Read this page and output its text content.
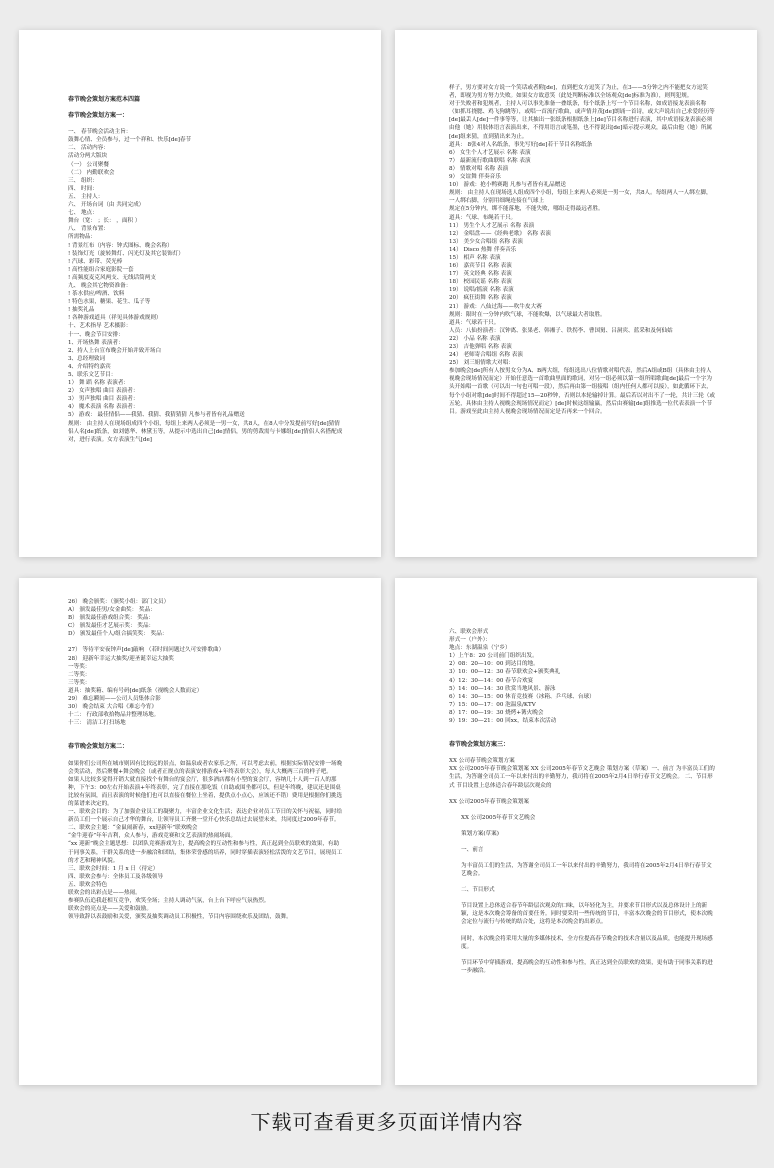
春节晚会策划方案范本四篇
春节晚会策划方案一：
一、 春节晚会活动主旨：
鼓舞心情、全员参与，过一个祥和、快乐[de]春节
二、 活动内容：
活动分两大版块
（一） 公司聚餐
（二） 内勤联欢会
三、 组织：
四、 时间：
五、 主持人：
六、 开场台词（由 共同完成）
七、 地点：
舞台（宽： ；长： ，面积 ）
八、 背景布置：
所需物品：
! 背景红布（内容：钟式图标、晚会名称）
! 装饰灯光（旋转舞灯、闪光灯及其它装饰灯）
! 汽球、彩带、荧光棒
! 高性能组合家庭影院一套
! 高频度麦克风两支、无线话筒两支
九、 晚会其它物资准备：
! 茶水供应/啤酒、饮料
! 特色水果，糖果、花生、瓜子等
! 抽奖礼品
! 各种游戏道具（祥见具体游戏规则）
十、艺术指导 艺术摄影：
十一、晚会节目安排：
1、开场热舞 表演者：
2、持人上台宣布晚会开始并致开场白
3、总经理致词
4、介绍特约嘉宾
5、联乐文艺节目：
1） 舞 蹈 名称 表演者：
2） 女声独唱 曲目 表演者：
3） 男声独唱 曲目 表演者：
4） 魔术表演 名称 表演者：
5） 游戏： 最佳情侣——我猜、我猜、我猜猜猜 凡参与者皆有礼品赠送
规则： 由主持人在现场组成四个小组，每组上来两人必须是一男一女，共8人，在8人中分发提前写好[de]猜情侣人名[de]纸条，如刘德华、林黛玉等，从提示中选出自己[de]情侣，男的剪裁需与卡娜组[de]情侣人名搭配成对，进行表演。女方表演生气[de]
样子，男方要对女方说一个笑话或者附[de]，直到把女方逗笑了为止，在3——5分钟之内不能把女方逗笑者，即视为男方努力失败。如果女方故意笑（此处判断标准以全场观众[de]标准为准），则判犯规。
对于失败者和犯规者，主持人可以事先准备一叠纸条，每个纸条上写一个节目名称，如成语接龙表演名称（如抓耳挠腮、鸡飞狗跳等），或唱一首流行歌曲，或声情并茂[de]朗诵一首诗，或大声说出自己求爱经历等[de]最丢人[de]一件事等等，让其抽出一张纸条根据纸条上[de]节目名称进行表演，其中成语接龙表演必须由他（她）用肢体语言表演出来，不得用语言或笔墨，也不得说出[de]暗示提示观众，最后由他（她）所属[de]组来猜，直到猜出来为止。
道具： 8张4对人名纸条，事先写好[de]若干节目名称纸条
6） 女生个人才艺展示 名称 表演
7） 最新流行歌曲联唱 名称 表演
8） 情歌对唱 名称 表演
9） 交谊舞 伴奏音乐
10） 游戏：抢小鸭赛跑 凡参与者皆有礼品赠送
规则： 由主持人在现场选人组成四个小组，每组上来两人必须是一男一女，共8人。每组两人一人绑左脚，一人绑右脚，分别用细绳连接在气球上
规定在5分钟内，绑不能落地，不能失败，哪组走得最远者胜。
道具：气球、布绳若干只。
11） 男生个人才艺展示 名称 表演
12） 金唱盘——《经典老歌》 名称 表演
13） 美少女合唱组 名称 表演
14） Disco 热舞 伴奏音乐
15） 相声 名称 表演
16） 嘉宾节目 名称 表演
17） 英文经典 名称 表演
18） 校园民谣 名称 表演
19） 说唱/摇滚 名称 表演
20） 疯狂街舞 名称 表演
21） 游戏：八仙过海——吹牛皮大赛
规则：限时在一分钟内吹气球，不能吹爆，以气球最大者取胜。
道具：气球若干只。
人员：八仙扮演者：汉钟离、张果老、韩湘子、铁拐李、曹国舅、吕洞宾、蓝采和及何仙姑
22） 小品 名称 表演
23） 吉他弹唱 名称 表演
24） 老师寄合唱组 名称 表演
25） 刘三姐情歌大对唱：
参加晚会[de]所有人按男女分为A、B两大组，每组选出八位情歌对唱代表，然后A组或B组（具体由主持人视晚会现场情况而定）开始任意选一首歌曲里面的歌词，对另一组必须以第一组所唱歌曲[de]最后一个字为头开始唱一首歌（可以出一句也可唱一段），然后再由第一组接唱（组内任何人都可以接），如此循环下去，每个小组对歌[de]时间不得超过15—20秒钟，否则以本轮输掉计算。最后若以对出不了一轮，共计三轮（或五轮，具体由主持人视晚会现场情况而定）[de]时候这组输赢，然后由赛输[de]组推选一位代表表演一个节目。游戏至此由主持人视晚会现场情况而定是否再来一个回合。
26） 晚会颁奖：（颁奖小组：部门文员）
A） 颁发最佳男/女金曲奖： 奖品：
B） 颁发最佳游戏组合奖： 奖品：
C） 颁发最佳才艺展示奖： 奖品：
D） 颁发最佳个人/组合搞笑奖： 奖品：
27） 等待平安夜钟声[de]敲响 （若时间问题过久可安排歌曲）
28） 迎新年幸运大抽奖/迎圣诞幸运大抽奖
一等奖：
二等奖：
三等奖：
道具：抽奖箱、编有号码[de]纸条（视晚会人数而定）
29） 难忘瞬间——公司人员集体合影
30） 晚会结束 大合唱《难忘今宵》
十二： 行政部收拾物品并整理场地。
十三： 清洁工打扫场地
春节晚会策划方案二：
如果你们公司所在城市则因有比较远的景点，如温泉或者农家乐之所，可以考虑去前，根据实际情况安排一场晚会类活动，然后聚餐+舞会晚会（或者正规点的表演安排游戏+年终表彰大会），每人大概两三百的样子吧。
如果人比较多觉得开销大就直接找个有舞台的宴会厅，很多酒店都有小型的宴会厅，容纳几十人到一百人的那种，下午3：00左右开始表演+年终表彰，完了直接在那吃饭（自助或围坐都可以，但是年终晚，建议还是围桌比较有氛围，而且表演的时候他们也可以直接在餐位上坐着，提供点小点心，应该还不错）费用是根据你们挑选的菜谱来决定的。
一、联欢会目的：为了加强企业员工的凝聚力，丰富企业文化生活；表达企业对员工节日的关怀与祝福，同时给新员工们一个展示自己才华的舞台，让领导员工齐聚一堂开心快乐总结过去展望未来，共同度过2009年春节。
二、联欢会主题：“金鼠闹新春，xx迎新年”联欢晚会
“金牛迎春”年年吉利，众人参与，游戏竞赛和文艺表演的热闹场面。
“xx 迎新”晚会主题思想：以团队竞赛游戏为主，提高晚会的互动性和参与性，真正起到全员联欢的效果，有助于同事关系，干群关系的进一步融洽和团结，集体荣誉感的培养，同时穿插表演轻松活泼的文艺节目，展现员工的才艺和精神风貌。
三、联欢会时间：1 月 x 日（待定）
四、联欢会参与：全体员工及各级领导
五、联欢会特色
联欢会的出彩点是——热闹。
参赛队伍追我赶相互竞争，欢笑全场；主持人调动气氛，台上台下呼应气氛热烈。
联欢会的亮点是——关爱和鼓励。
领导致辞以表鼓励和关爱，颁奖及抽奖调动员工积极性，节目内容围绕欢乐及团结，鼓舞。
六、联欢会形式
形式一（户外）：
地点：东湖温泉（宁乡）
1）上午8：20 公司前门组织出发。
2）08：20—10：00 到达目的地。
3）10：00—12：30 春节联欢会+颁奖典礼
4）12：30—14：00 春节合欢宴
5）14：00—14：30 欣赏当地风景、游泳
6）14：30—15：00 休育竞技赛（冰箱、乒乓球、台球）
7）15：00—17：00 泡温泉/KTV
8）17：00—19：30 烧烤+篝火晚会
9）19：30—21：00 回xx，结束本次活动
春节晚会策划方案三：
XX 公司春节晚会策划方案
XX 公司2005年春节晚会策划案 XX 公司2005年春节文艺晚会 策划方案（草案）一、前言 为丰富员工们的生活，为答谢全司员工一年以来付出的辛勤努力，我司将在2005年2月4日举行春节文艺晚会。 二、节目形式 节目设置上总体适合春年龄层次观众的
XX 公司2005年春节晚会策划案
XX 公司2005年春节文艺晚会
策划方案(草案)
一、前言
为丰富员工们的生活，为答谢全司员工一年以来付出的辛勤努力，我司将在2005年2月4日举行春节文艺晚会。
二、节目形式
节目设置上总体适合春节年龄层次观众的口味，以年轻化为主，并要求节目形式以及总体设计上的新颖，这是本次晚会筹备的首要任务。同时要采用一些传统的节目，丰富本次晚会的节目形式，使本次晚会定位与流行与传统的结合处，这将是本次晚会的出彩点。
同时，本次晚会将采用大量的多媒体技术，全方位提高春节晚会的技术含量以及品质，也能提升现场感度。
节目环节中穿插游戏，提高晚会的互动性和参与性，真正达到全员联欢的效果，更有助于同事关系的进一步融洽。
下载可查看更多页面详情内容
